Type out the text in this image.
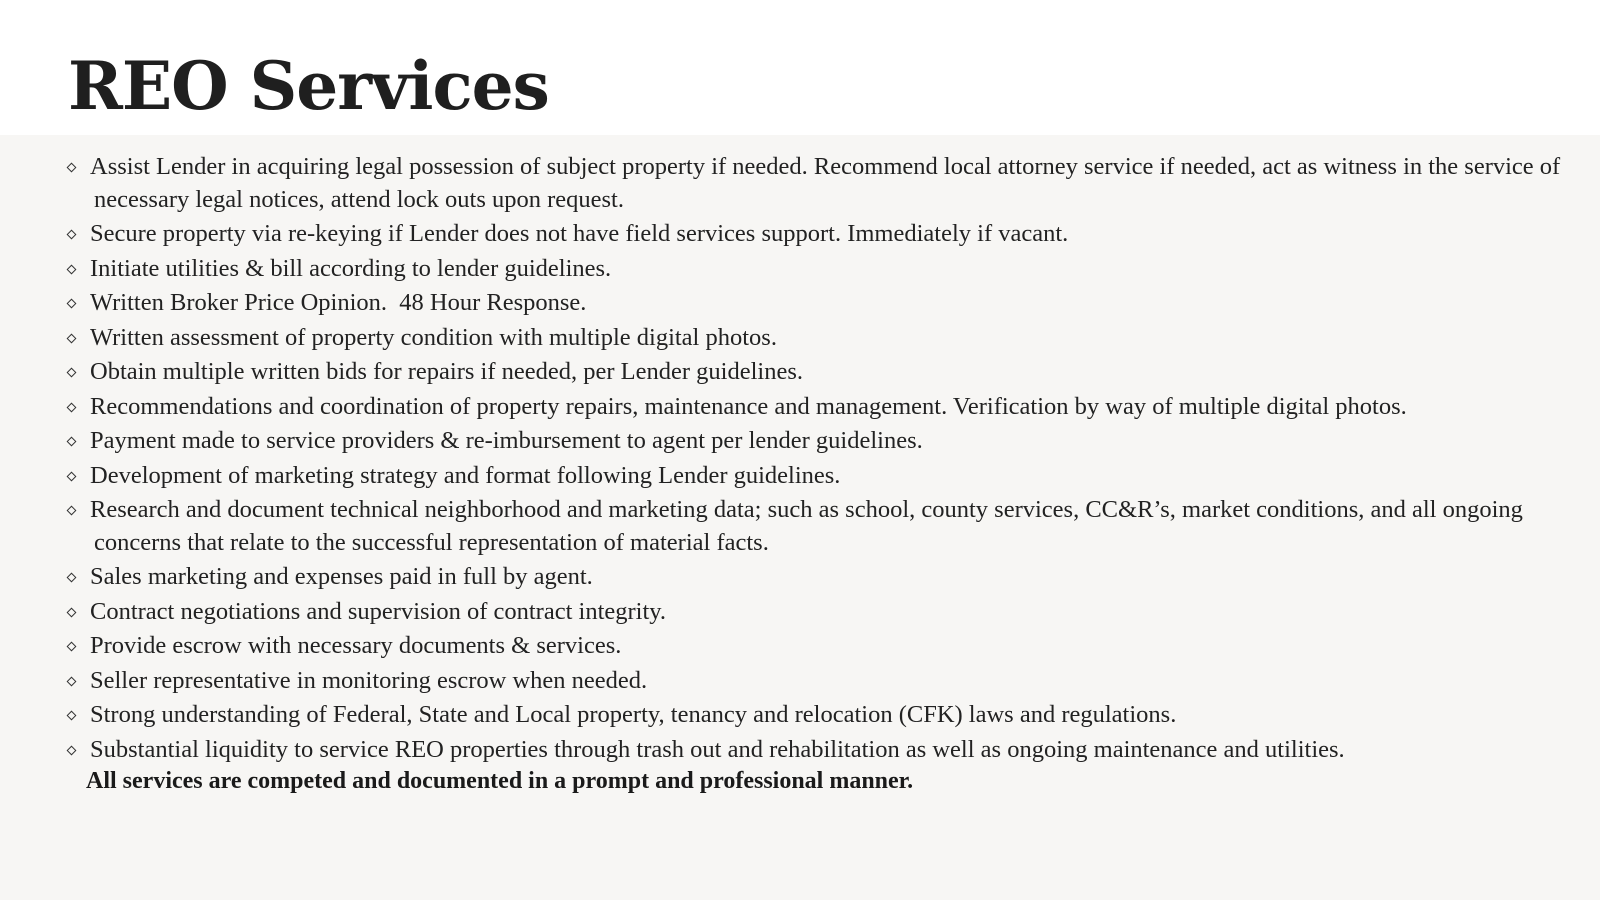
REO Services
Assist Lender in acquiring legal possession of subject property if needed. Recommend local attorney service if needed, act as witness in the service of necessary legal notices, attend lock outs upon request.
Secure property via re-keying if Lender does not have field services support. Immediately if vacant.
Initiate utilities & bill according to lender guidelines.
Written Broker Price Opinion.  48 Hour Response.
Written assessment of property condition with multiple digital photos.
Obtain multiple written bids for repairs if needed, per Lender guidelines.
Recommendations and coordination of property repairs, maintenance and management. Verification by way of multiple digital photos.
Payment made to service providers & re-imbursement to agent per lender guidelines.
Development of marketing strategy and format following Lender guidelines.
Research and document technical neighborhood and marketing data; such as school, county services, CC&R’s, market conditions, and all ongoing concerns that relate to the successful representation of material facts.
Sales marketing and expenses paid in full by agent.
Contract negotiations and supervision of contract integrity.
Provide escrow with necessary documents & services.
Seller representative in monitoring escrow when needed.
Strong understanding of Federal, State and Local property, tenancy and relocation (CFK) laws and regulations.
Substantial liquidity to service REO properties through trash out and rehabilitation as well as ongoing maintenance and utilities.
All services are competed and documented in a prompt and professional manner.
